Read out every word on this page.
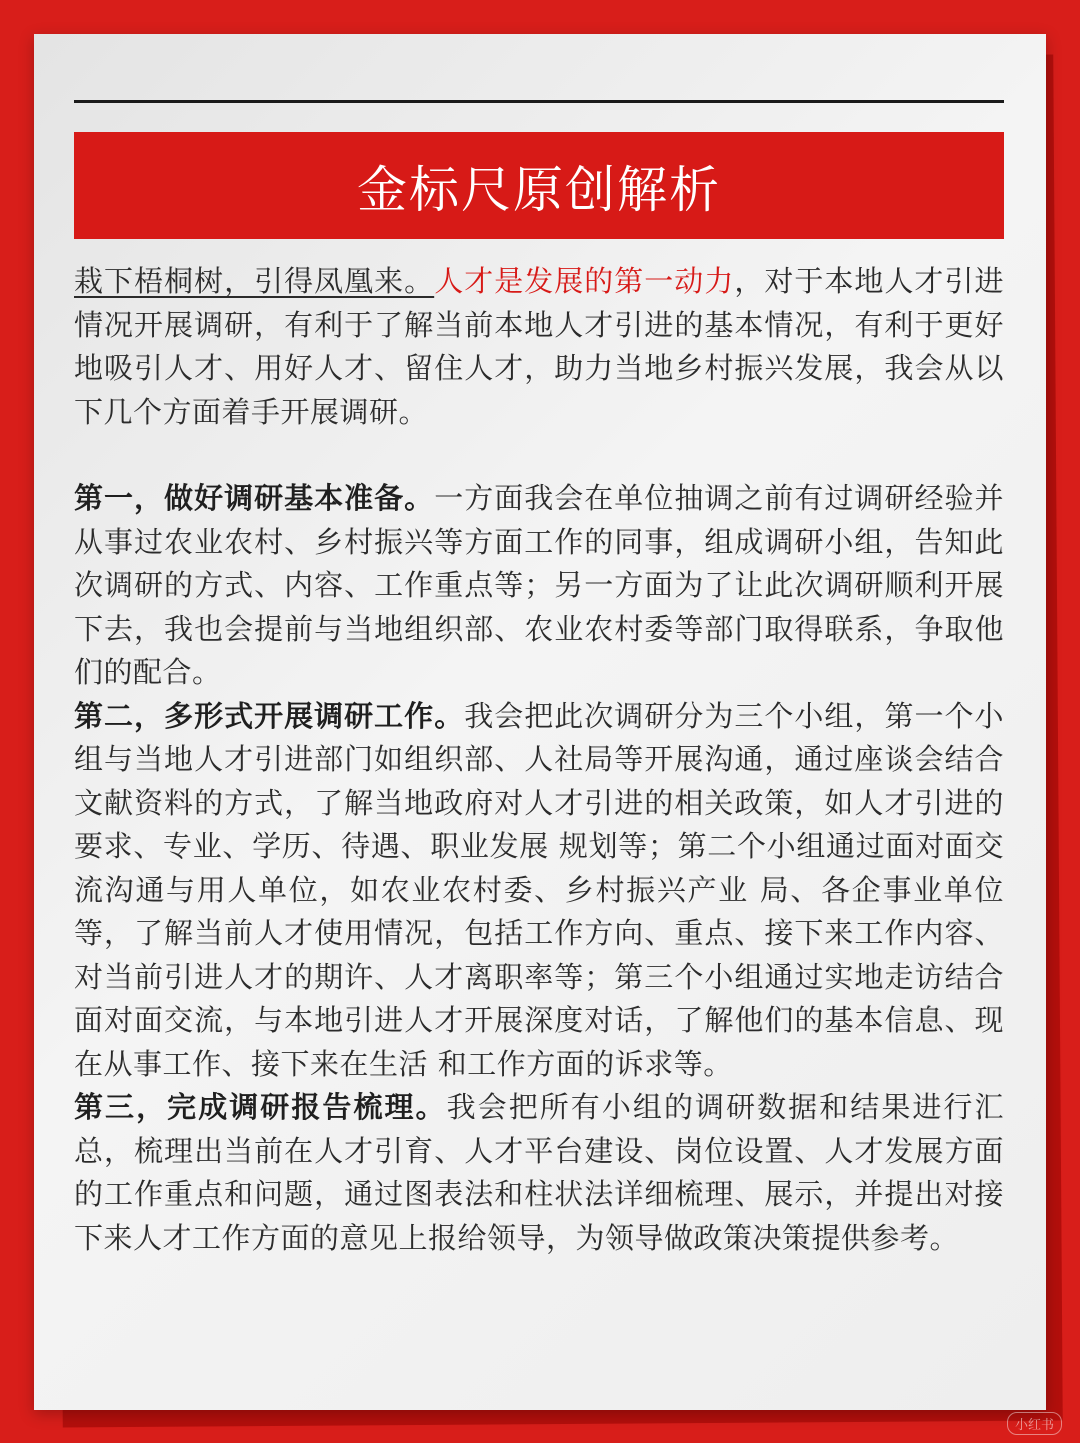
金标尺原创解析

栽下梧桐树，引得凤凰来。人才是发展的第一动力，对于本地人才引进情况开展调研，有利于了解当前本地人才引进的基本情况，有利于更好地吸引人才、用好人才、留住人才，助力当地乡村振兴发展，我会从以下几个方面着手开展调研。

第一，做好调研基本准备。一方面我会在单位抽调之前有过调研经验并从事过农业农村、乡村振兴等方面工作的同事，组成调研小组，告知此次调研的方式、内容、工作重点等；另一方面为了让此次调研顺利开展下去，我也会提前与当地组织部、农业农村委等部门取得联系，争取他们的配合。

第二，多形式开展调研工作。我会把此次调研分为三个小组，第一个小组与当地人才引进部门如组织部、人社局等开展沟通，通过座谈会结合文献资料的方式，了解当地政府对人才引进的相关政策，如人才引进的要求、专业、学历、待遇、职业发展 规划等；第二个小组通过面对面交流沟通与用人单位，如农业农村委、乡村振兴产业 局、各企事业单位等，了解当前人才使用情况，包括工作方向、重点、接下来工作内容、对当前引进人才的期许、人才离职率等；第三个小组通过实地走访结合面对面交流，与本地引进人才开展深度对话，了解他们的基本信息、现在从事工作、接下来在生活 和工作方面的诉求等。

第三，完成调研报告梳理。我会把所有小组的调研数据和结果进行汇总，梳理出当前在人才引育、人才平台建设、岗位设置、人才发展方面的工作重点和问题，通过图表法和柱状法详细梳理、展示，并提出对接下来人才工作方面的意见上报给领导，为领导做政策决策提供参考。

小红书
